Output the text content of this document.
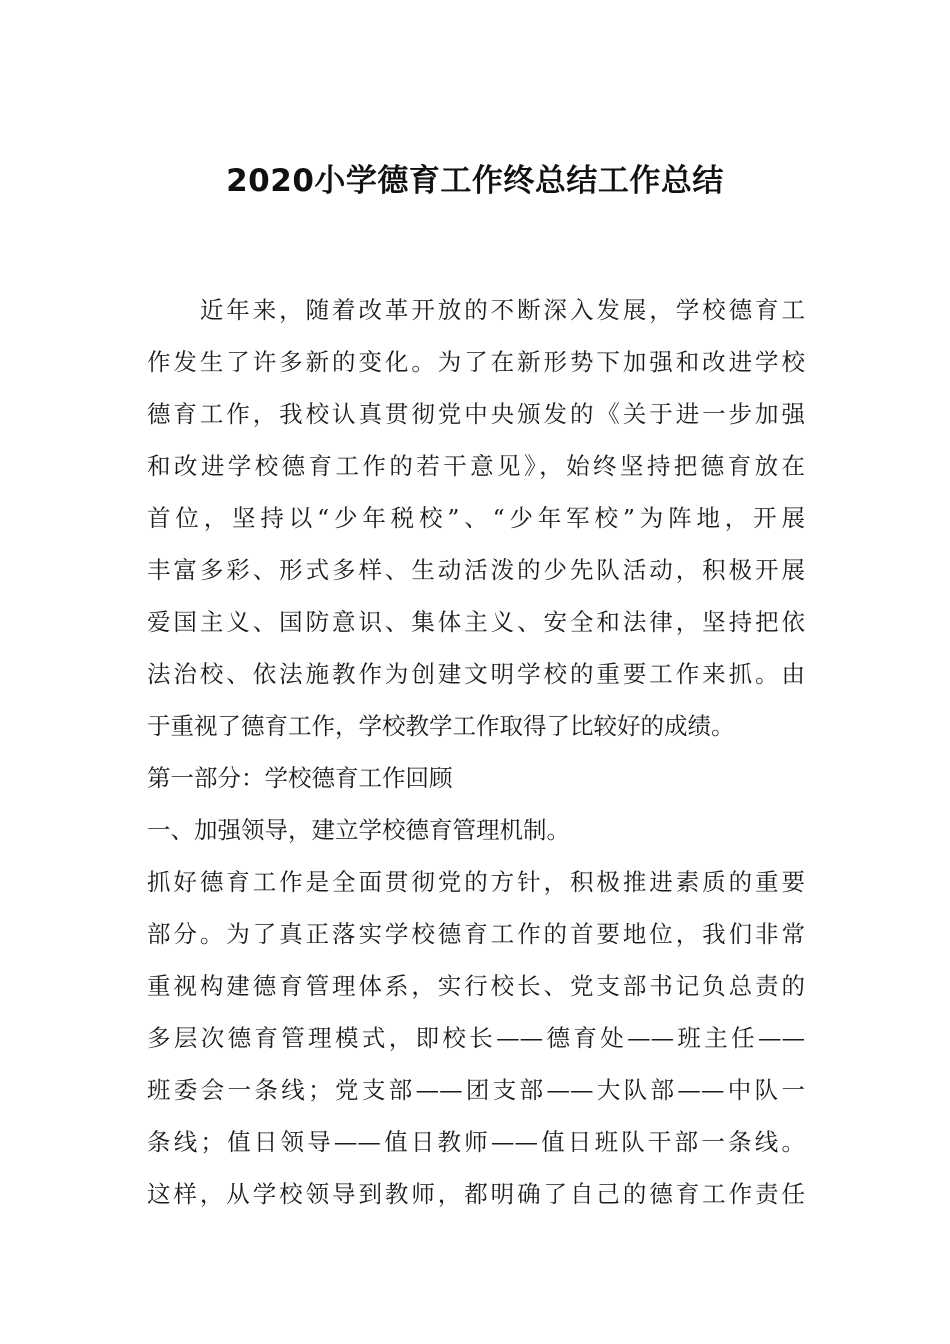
2020小学德育工作终总结工作总结
　　近年来，随着改革开放的不断深入发展，学校德育工
作发生了许多新的变化。为了在新形势下加强和改进学校
德育工作，我校认真贯彻党中央颁发的《关于进一步加强
和改进学校德育工作的若干意见》，始终坚持把德育放在
首位，坚持以“少年税校”、“少年军校”为阵地，开展
丰富多彩、形式多样、生动活泼的少先队活动，积极开展
爱国主义、国防意识、集体主义、安全和法律，坚持把依
法治校、依法施教作为创建文明学校的重要工作来抓。由
于重视了德育工作，学校教学工作取得了比较好的成绩。
第一部分：学校德育工作回顾
一、加强领导，建立学校德育管理机制。
抓好德育工作是全面贯彻党的方针，积极推进素质的重要
部分。为了真正落实学校德育工作的首要地位，我们非常
重视构建德育管理体系，实行校长、党支部书记负总责的
多层次德育管理模式，即校长——德育处——班主任——
班委会一条线；党支部——团支部——大队部——中队一
条线；值日领导——值日教师——值日班队干部一条线。
这样，从学校领导到教师，都明确了自己的德育工作责任
